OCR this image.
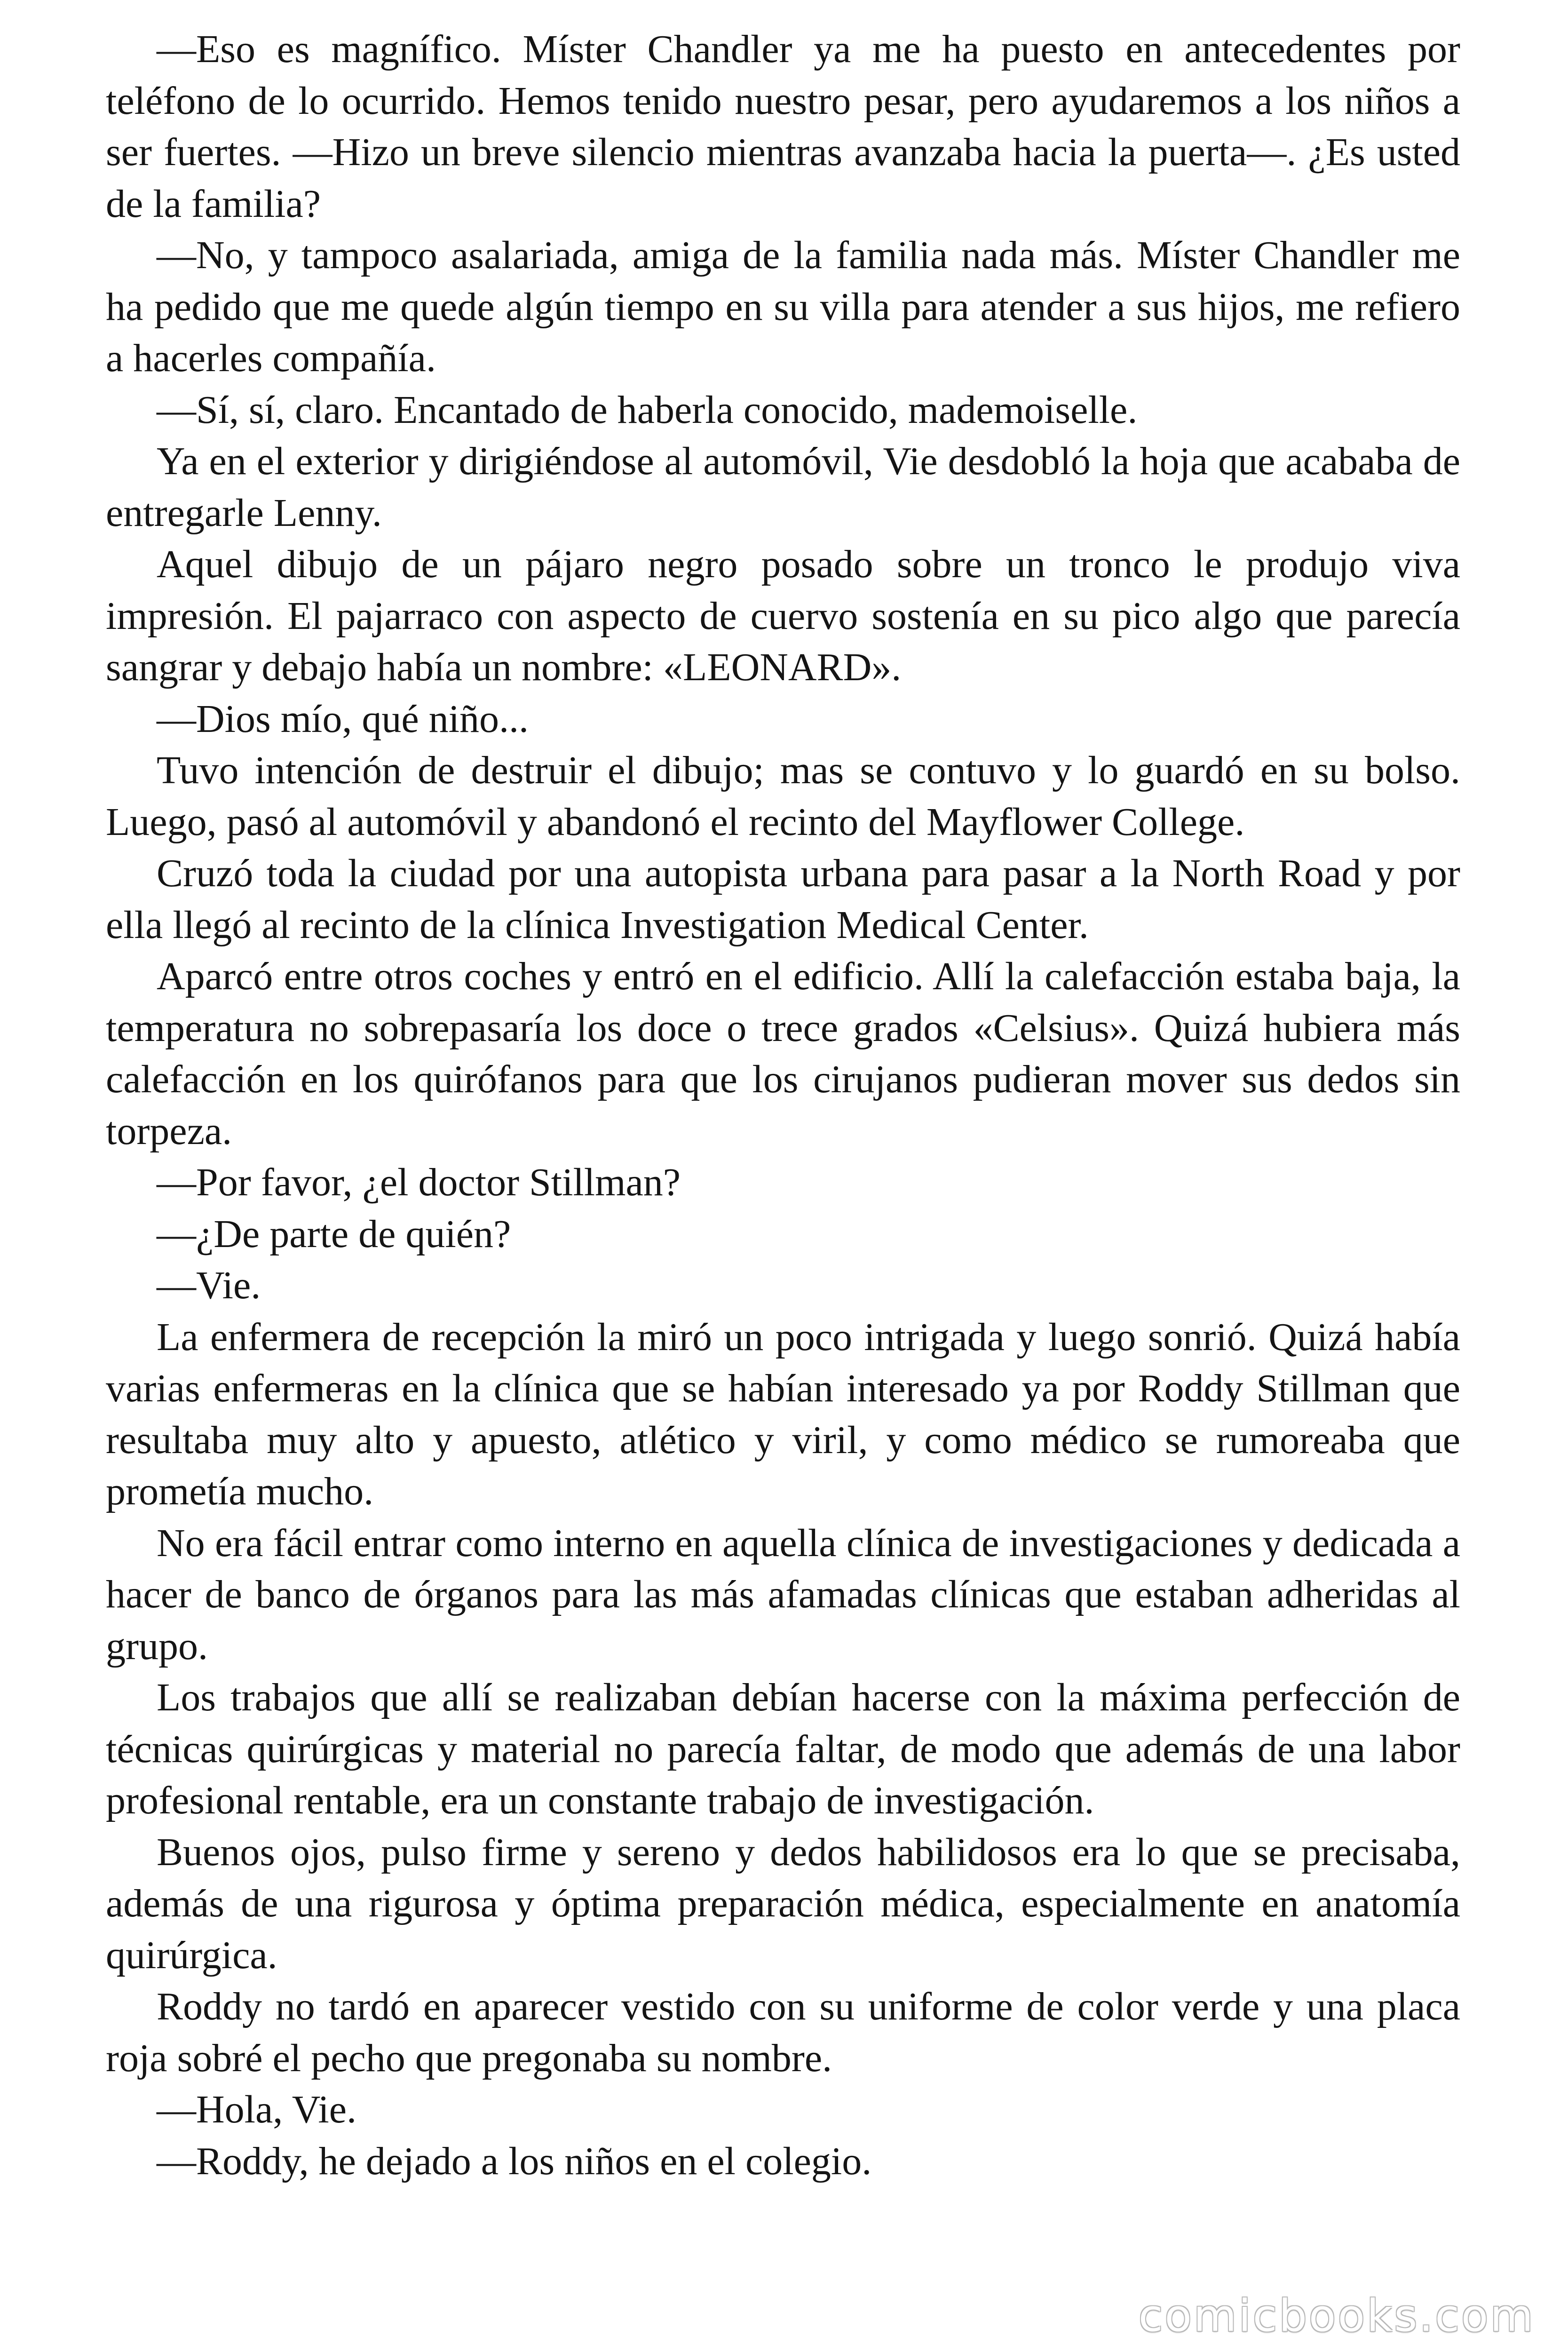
—Eso es magnífico. Míster Chandler ya me ha puesto en antecedentes por teléfono de lo ocurrido. Hemos tenido nuestro pesar, pero ayudaremos a los niños a ser fuertes. —Hizo un breve silencio mientras avanzaba hacia la puerta—. ¿Es usted de la familia?

—No, y tampoco asalariada, amiga de la familia nada más. Míster Chandler me ha pedido que me quede algún tiempo en su villa para atender a sus hijos, me refiero a hacerles compañía.

—Sí, sí, claro. Encantado de haberla conocido, mademoiselle.

Ya en el exterior y dirigiéndose al automóvil, Vie desdobló la hoja que acababa de entregarle Lenny.

Aquel dibujo de un pájaro negro posado sobre un tronco le produjo viva impresión. El pajarraco con aspecto de cuervo sostenía en su pico algo que parecía sangrar y debajo había un nombre: «LEONARD».

—Dios mío, qué niño...

Tuvo intención de destruir el dibujo; mas se contuvo y lo guardó en su bolso. Luego, pasó al automóvil y abandonó el recinto del Mayflower College.

Cruzó toda la ciudad por una autopista urbana para pasar a la North Road y por ella llegó al recinto de la clínica Investigation Medical Center.

Aparcó entre otros coches y entró en el edificio. Allí la calefacción estaba baja, la temperatura no sobrepasaría los doce o trece grados «Celsius». Quizá hubiera más calefacción en los quirófanos para que los cirujanos pudieran mover sus dedos sin torpeza.

—Por favor, ¿el doctor Stillman?

—¿De parte de quién?

—Vie.

La enfermera de recepción la miró un poco intrigada y luego sonrió. Quizá había varias enfermeras en la clínica que se habían interesado ya por Roddy Stillman que resultaba muy alto y apuesto, atlético y viril, y como médico se rumoreaba que prometía mucho.

No era fácil entrar como interno en aquella clínica de investigaciones y dedicada a hacer de banco de órganos para las más afamadas clínicas que estaban adheridas al grupo.

Los trabajos que allí se realizaban debían hacerse con la máxima perfección de técnicas quirúrgicas y material no parecía faltar, de modo que además de una labor profesional rentable, era un constante trabajo de investigación.

Buenos ojos, pulso firme y sereno y dedos habilidosos era lo que se precisaba, además de una rigurosa y óptima preparación médica, especialmente en anatomía quirúrgica.

Roddy no tardó en aparecer vestido con su uniforme de color verde y una placa roja sobré el pecho que pregonaba su nombre.

—Hola, Vie.

—Roddy, he dejado a los niños en el colegio.

comicbooks.com
